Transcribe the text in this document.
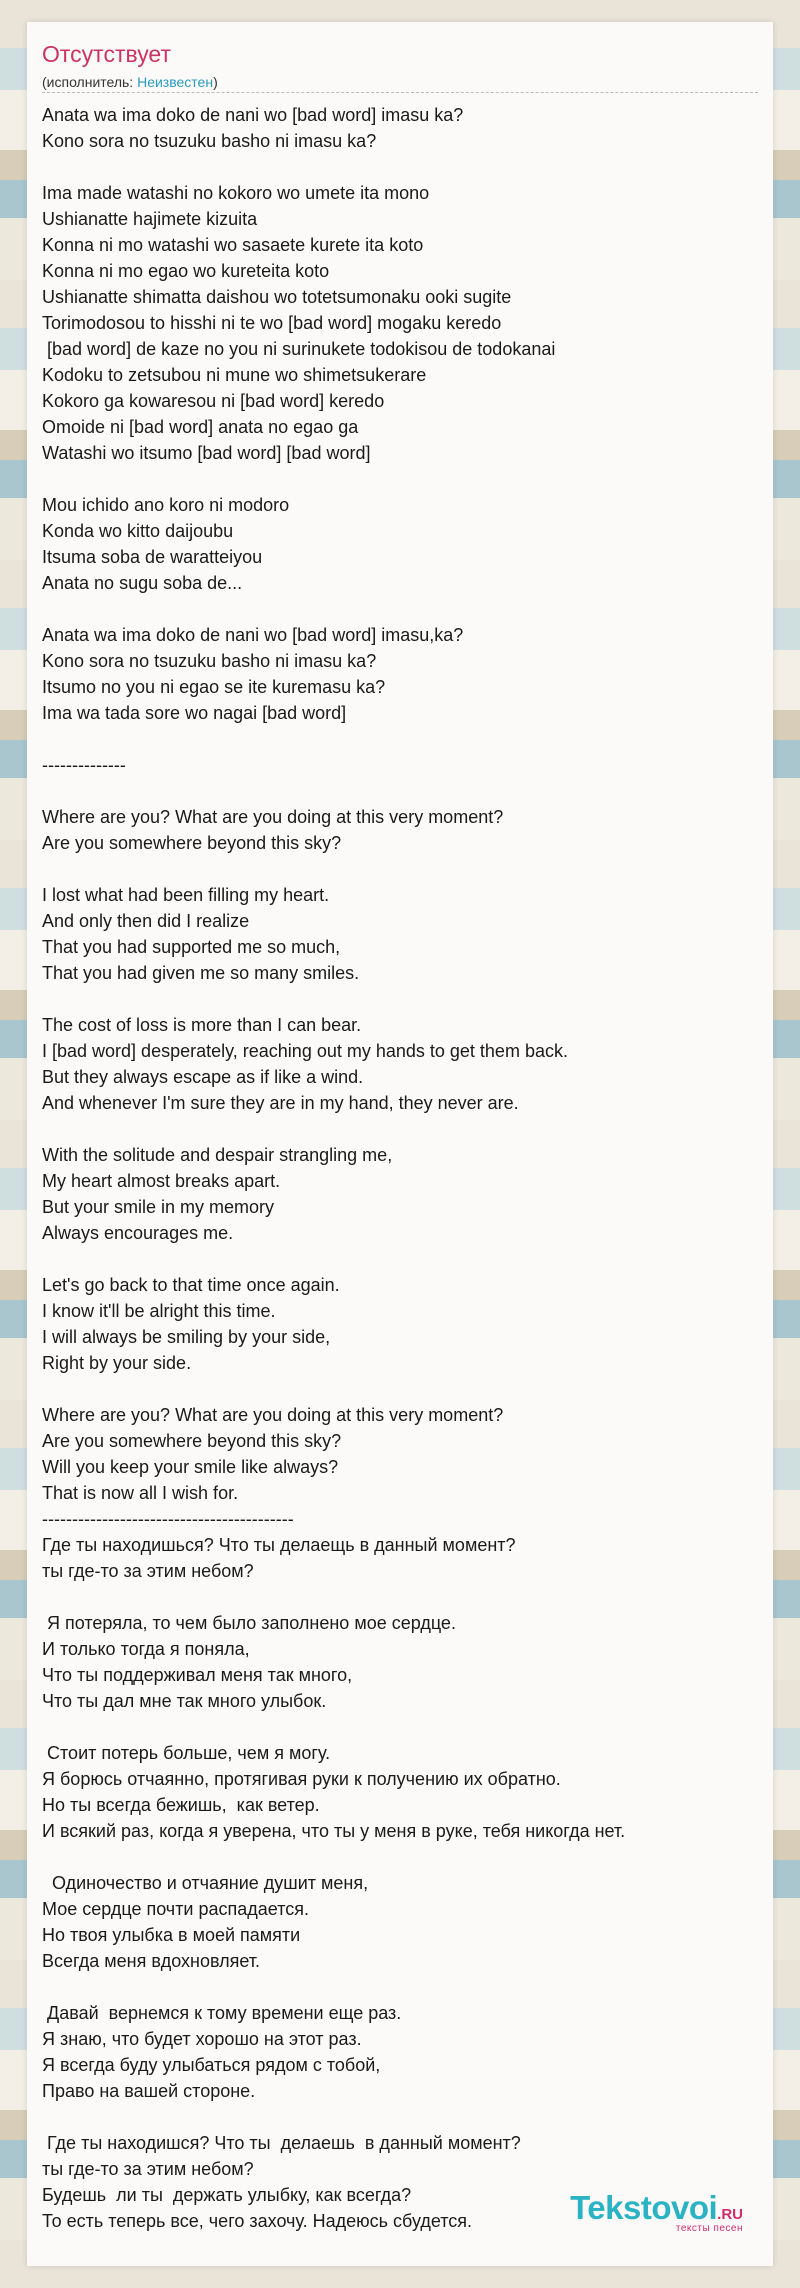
Отсутствует
(исполнитель: Неизвестен)
Anata wa ima doko de nani wo [bad word] imasu ka?
Kono sora no tsuzuku basho ni imasu ka?

Ima made watashi no kokoro wo umete ita mono
Ushianatte hajimete kizuita
Konna ni mo watashi wo sasaete kurete ita koto
Konna ni mo egao wo kureteita koto
Ushianatte shimatta daishou wo totetsumonaku ooki sugite
Torimodosou to hisshi ni te wo [bad word] mogaku keredo
[bad word] de kaze no you ni surinukete todokisou de todokanai
Kodoku to zetsubou ni mune wo shimetsukerare
Kokoro ga kowaresou ni [bad word] keredo
Omoide ni [bad word] anata no egao ga
Watashi wo itsumo [bad word] [bad word]

Mou ichido ano koro ni modoro
Konda wo kitto daijoubu
Itsuma soba de waratteiyou
Anata no sugu soba de...

Anata wa ima doko de nani wo [bad word] imasu,ka?
Kono sora no tsuzuku basho ni imasu ka?
Itsumo no you ni egao se ite kuremasu ka?
Ima wa tada sore wo nagai [bad word]

--------------

Where are you? What are you doing at this very moment?
Are you somewhere beyond this sky?

I lost what had been filling my heart.
And only then did I realize
That you had supported me so much,
That you had given me so many smiles.

The cost of loss is more than I can bear.
I [bad word] desperately, reaching out my hands to get them back.
But they always escape as if like a wind.
And whenever I'm sure they are in my hand, they never are.

With the solitude and despair strangling me,
My heart almost breaks apart.
But your smile in my memory
Always encourages me.

Let's go back to that time once again.
I know it'll be alright this time.
I will always be smiling by your side,
Right by your side.

Where are you? What are you doing at this very moment?
Are you somewhere beyond this sky?
Will you keep your smile like always?
That is now all I wish for.
------------------------------------------
Где ты находишься? Что ты делаещь в данный момент?
ты где-то за этим небом?

Я потеряла, то чем было заполнено мое сердце.
И только тогда я поняла,
Что ты поддерживал меня так много,
Что ты дал мне так много улыбок.

Стоит потерь больше, чем я могу.
Я борюсь отчаянно, протягивая руки к получению их обратно.
Но ты всегда бежишь,  как ветер.
И всякий раз, когда я уверена, что ты у меня в руке, тебя никогда нет.

Одиночество и отчаяние душит меня,
Мое сердце почти распадается.
Но твоя улыбка в моей памяти
Всегда меня вдохновляет.

Давай  вернемся к тому времени еще раз.
Я знаю, что будет хорошо на этот раз.
Я всегда буду улыбаться рядом с тобой,
Право на вашей стороне.

Где ты находишся? Что ты  делаешь  в данный момент?
ты где-то за этим небом?
Будешь  ли ты  держать улыбку, как всегда?
То есть теперь все, чего захочу. Надеюсь сбудется.	Tekstovoi.RU
тексты песен
